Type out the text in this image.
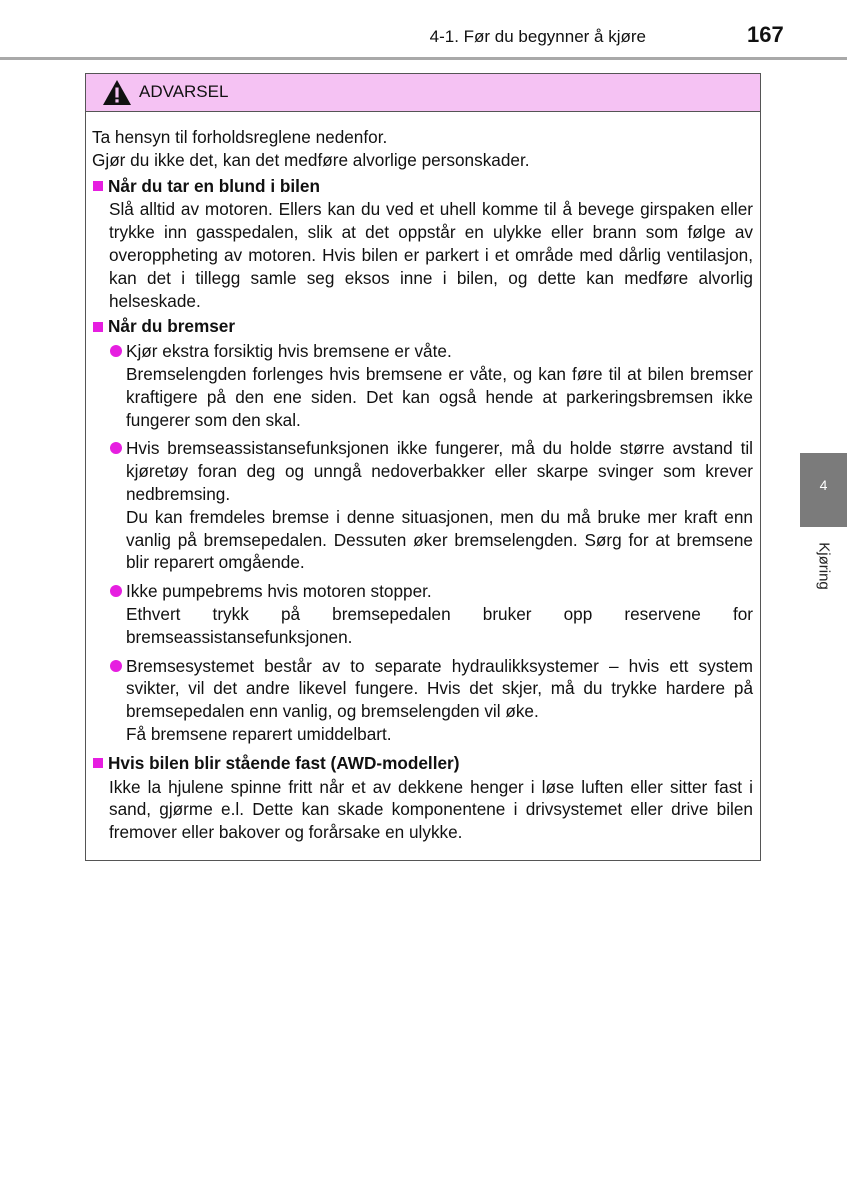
4-1. Før du begynner å kjøre	167
4
Kjøring
ADVARSEL

Ta hensyn til forholdsreglene nedenfor.

Gjør du ikke det, kan det medføre alvorlige personskader.

Når du tar en blund i bilen

Slå alltid av motoren. Ellers kan du ved et uhell komme til å bevege girspaken eller trykke inn gasspedalen, slik at det oppstår en ulykke eller brann som følge av overoppheting av motoren. Hvis bilen er parkert i et område med dårlig ventilasjon, kan det i tillegg samle seg eksos inne i bilen, og dette kan medføre alvorlig helseskade.

Når du bremser

Kjør ekstra forsiktig hvis bremsene er våte.

Bremselengden forlenges hvis bremsene er våte, og kan føre til at bilen bremser kraftigere på den ene siden. Det kan også hende at parkeringsbremsen ikke fungerer som den skal.

Hvis bremseassistansefunksjonen ikke fungerer, må du holde større avstand til kjøretøy foran deg og unngå nedoverbakker eller skarpe svinger som krever nedbremsing.

Du kan fremdeles bremse i denne situasjonen, men du må bruke mer kraft enn vanlig på bremsepedalen. Dessuten øker bremselengden. Sørg for at bremsene blir reparert omgående.

Ikke pumpebrems hvis motoren stopper.

Ethvert trykk på bremsepedalen bruker opp reservene for bremseassistansefunksjonen.

Bremsesystemet består av to separate hydraulikksystemer – hvis ett system svikter, vil det andre likevel fungere. Hvis det skjer, må du trykke hardere på bremsepedalen enn vanlig, og bremselengden vil øke.

Få bremsene reparert umiddelbart.

Hvis bilen blir stående fast (AWD-modeller)

Ikke la hjulene spinne fritt når et av dekkene henger i løse luften eller sitter fast i sand, gjørme e.l. Dette kan skade komponentene i drivsystemet eller drive bilen fremover eller bakover og forårsake en ulykke.
